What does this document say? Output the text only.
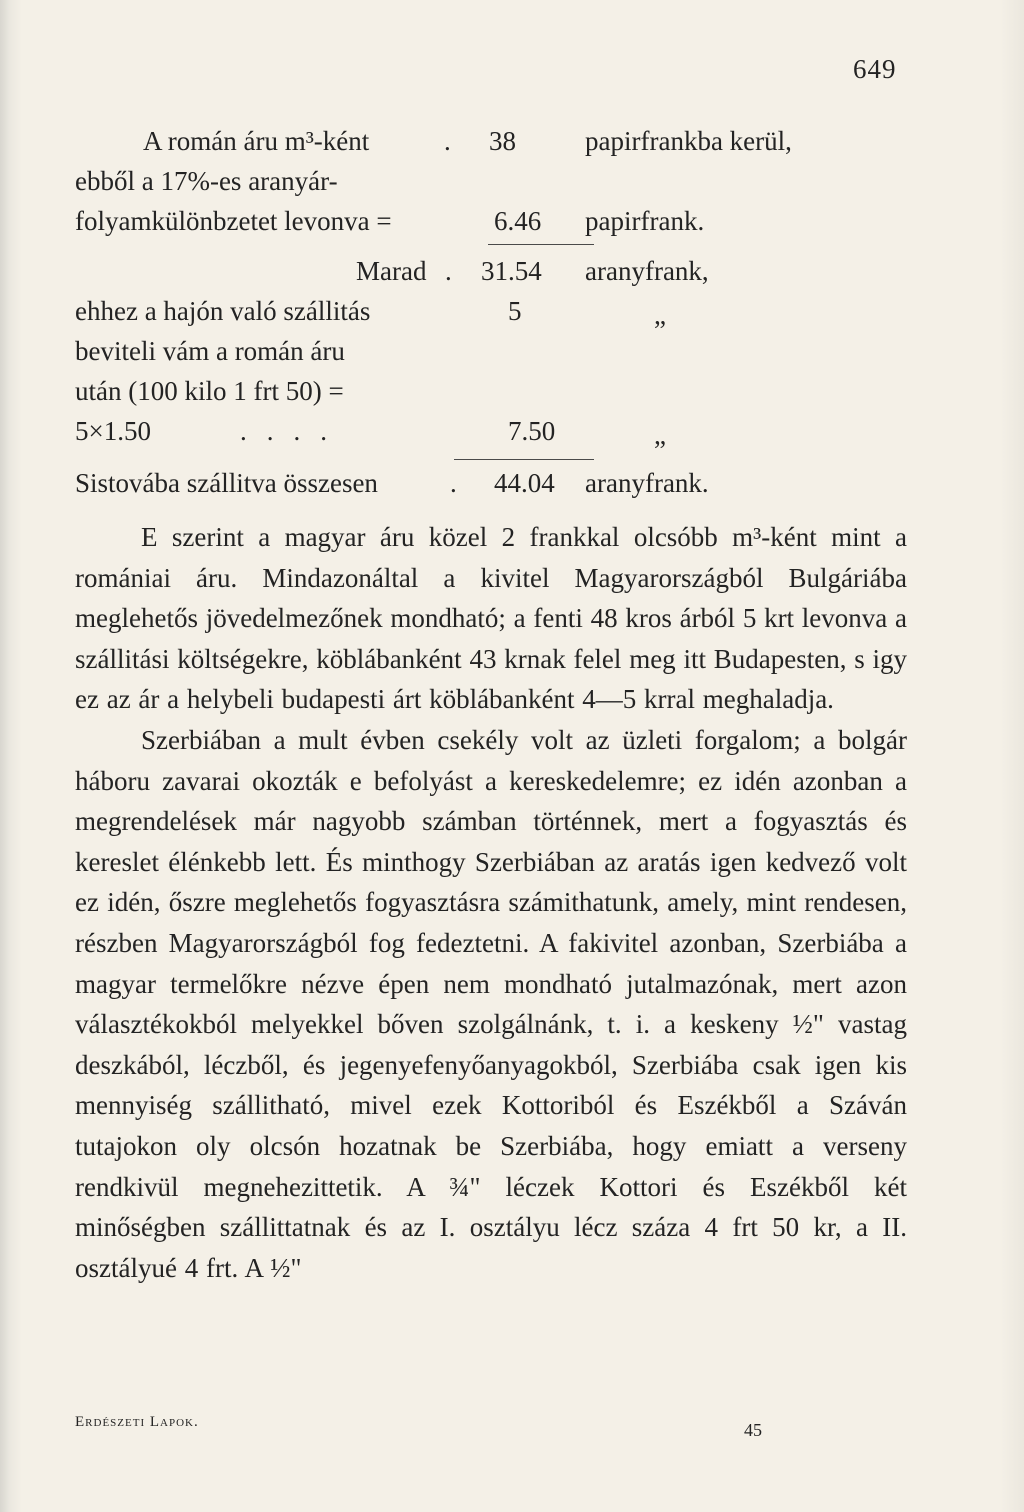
649
A román áru m³-ként	. 38	papirfrankba kerül,
ebből a 17%-es aranyár-
folyamkülönbzetet levonva =	6.46 papirfrank.
Marad . 31.54 aranyfrank,
ehhez a hajón való szállitás	5	„
beviteli vám a román áru
után (100 kilo 1 frt 50) =
5×1.50	....	7.50	„
Sistovába szállitva összesen	. 44.04 aranyfrank.

E szerint a magyar áru közel 2 frankkal olcsóbb m³-ként mint a romániai áru. Mindazonáltal a kivitel Magyarországból Bulgáriába meglehetős jövedelmezőnek mondható; a fenti 48 kros árból 5 krt levonva a szállitási költségekre, köblábanként 43 krnak felel meg itt Budapesten, s igy ez az ár a helybeli budapesti árt köblábanként 4—5 krral meghaladja.

Szerbiában a mult évben csekély volt az üzleti forgalom; a bolgár háboru zavarai okozták e befolyást a kereskedelemre; ez idén azonban a megrendelések már nagyobb számban történnek, mert a fogyasztás és kereslet élénkebb lett. És minthogy Szerbiában az aratás igen kedvező volt ez idén, őszre meglehetős fogyasztásra számithatunk, amely, mint rendesen, részben Magyarországból fog fedeztetni. A fakivitel azonban, Szerbiába a magyar termelőkre nézve épen nem mondható jutalmazónak, mert azon választékokból melyekkel bőven szolgálnánk, t. i. a keskeny ½" vastag deszkából, léczből, és jegenyefenyőanyagokból, Szerbiába csak igen kis mennyiség szállitható, mivel ezek Kottoriból és Eszékből a Száván tutajokon oly olcsón hozatnak be Szerbiába, hogy emiatt a verseny rendkivül megnehezittetik. A ¾" léczek Kottori és Eszékből két minőségben szállittatnak és az I. osztályu lécz száza 4 frt 50 kr, a II. osztályué 4 frt. A ½"

Erdészeti Lapok.	45
